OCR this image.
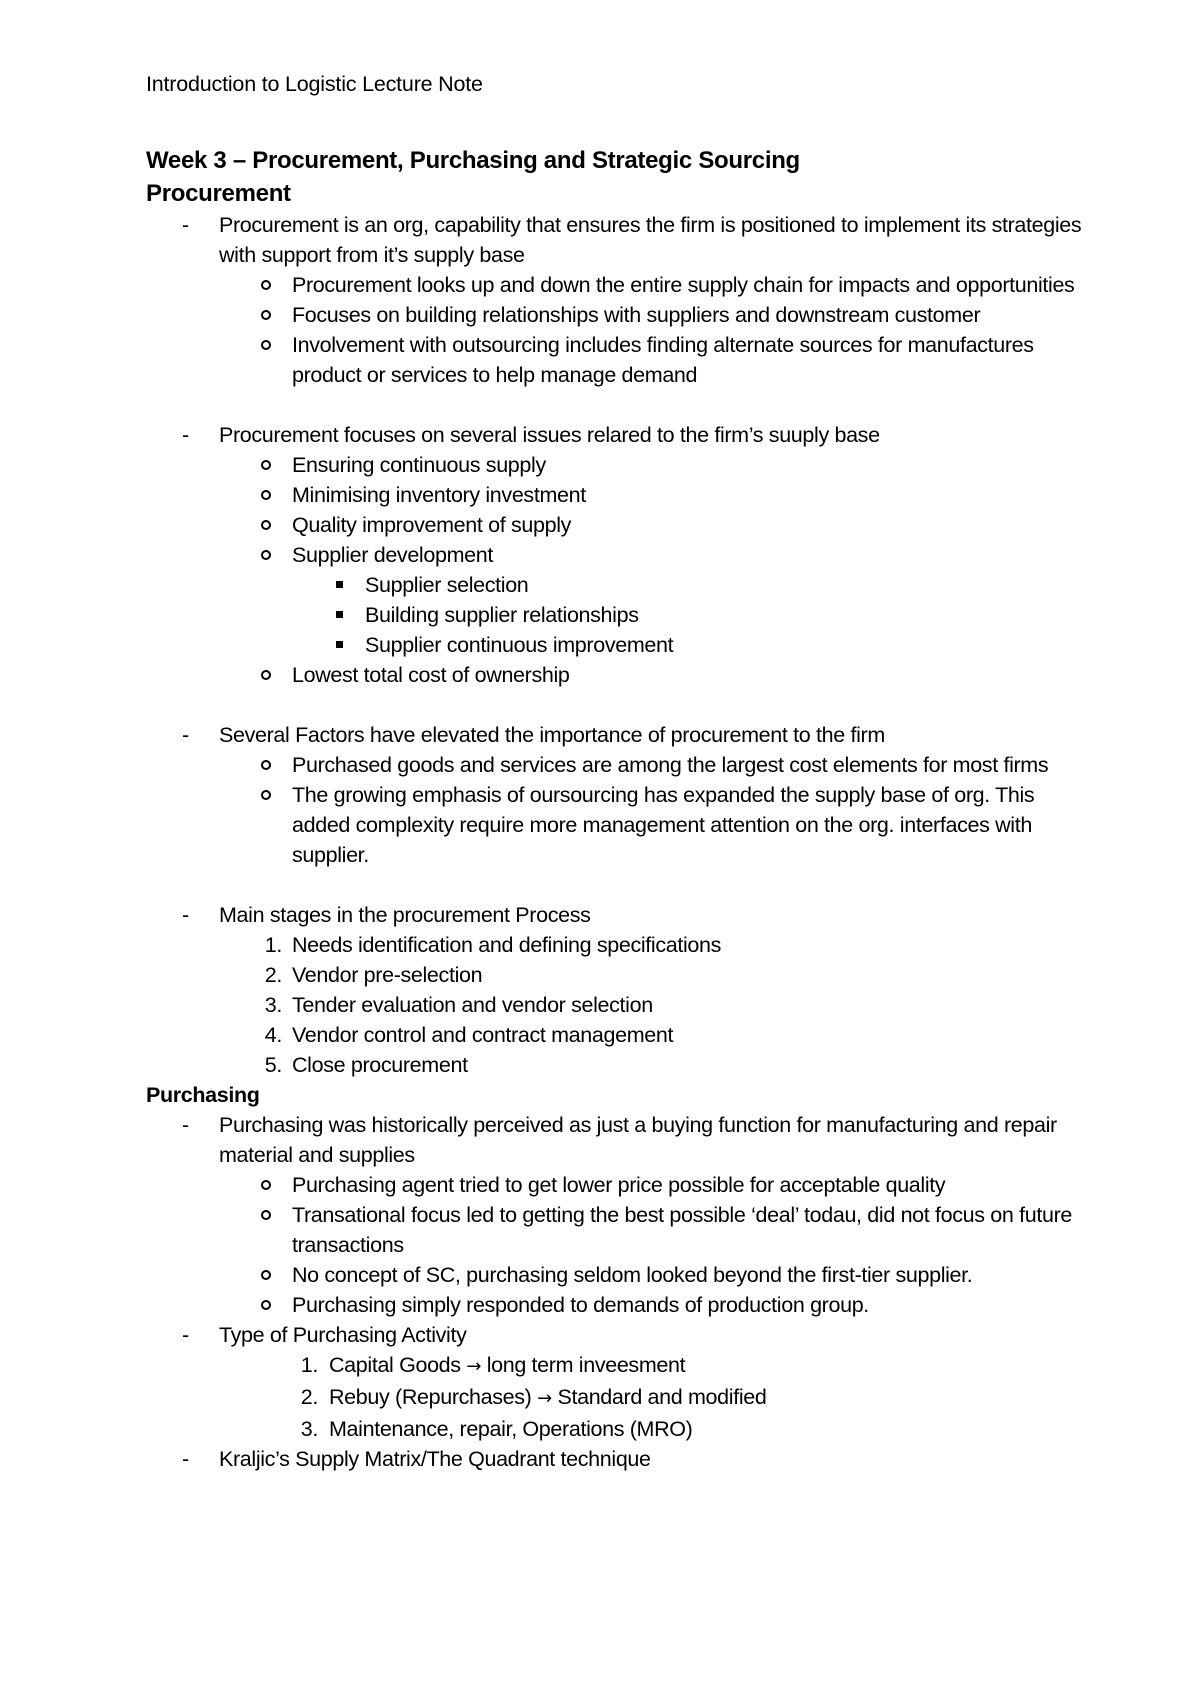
Introduction to Logistic Lecture Note
Week 3 – Procurement, Purchasing and Strategic Sourcing
Procurement
- Procurement is an org, capability that ensures the firm is positioned to implement its strategies with support from it’s supply base
Procurement looks up and down the entire supply chain for impacts and opportunities
Focuses on building relationships with suppliers and downstream customer
Involvement with outsourcing includes finding alternate sources for manufactures product or services to help manage demand
- Procurement focuses on several issues relared to the firm’s suuply base
Ensuring continuous supply
Minimising inventory investment
Quality improvement of supply
Supplier development
Supplier selection
Building supplier relationships
Supplier continuous improvement
Lowest total cost of ownership
- Several Factors have elevated the importance of procurement to the firm
Purchased goods and services are among the largest cost elements for most firms
The growing emphasis of oursourcing has expanded the supply base of org. This added complexity require more management attention on the org. interfaces with supplier.
- Main stages in the procurement Process
1. Needs identification and defining specifications
2. Vendor pre-selection
3. Tender evaluation and vendor selection
4. Vendor control and contract management
5. Close procurement
Purchasing
- Purchasing was historically perceived as just a buying function for manufacturing and repair material and supplies
Purchasing agent tried to get lower price possible for acceptable quality
Transational focus led to getting the best possible ‘deal’ todau, did not focus on future transactions
No concept of SC, purchasing seldom looked beyond the first-tier supplier.
Purchasing simply responded to demands of production group.
- Type of Purchasing Activity
1. Capital Goods → long term inveesment
2. Rebuy (Repurchases) → Standard and modified
3. Maintenance, repair, Operations (MRO)
- Kraljic’s Supply Matrix/The Quadrant technique
